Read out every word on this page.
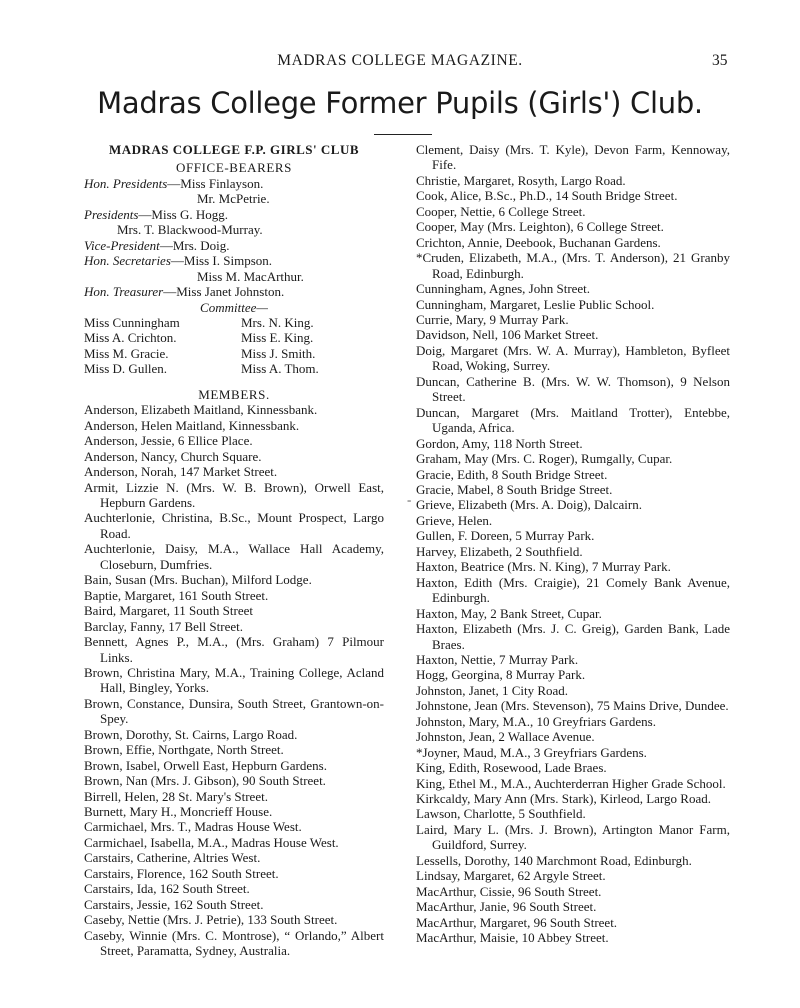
MADRAS COLLEGE MAGAZINE.	35
Madras College Former Pupils (Girls') Club.
MADRAS COLLEGE F.P. GIRLS' CLUB
OFFICE-BEARERS
Hon. Presidents—Miss Finlayson.
Mr. McPetrie.
Presidents—Miss G. Hogg.
Mrs. T. Blackwood-Murray.
Vice-President—Mrs. Doig.
Hon. Secretaries—Miss I. Simpson.
Miss M. MacArthur.
Hon. Treasurer—Miss Janet Johnston.
Committee—
Miss Cunningham	Mrs. N. King.
Miss A. Crichton.	Miss E. King.
Miss M. Gracie.	Miss J. Smith.
Miss D. Gullen.	Miss A. Thom.
MEMBERS.
Anderson, Elizabeth Maitland, Kinnessbank.
Anderson, Helen Maitland, Kinnessbank.
Anderson, Jessie, 6 Ellice Place.
Anderson, Nancy, Church Square.
Anderson, Norah, 147 Market Street.
Armit, Lizzie N. (Mrs. W. B. Brown), Orwell East, Hepburn Gardens.
Auchterlonie, Christina, B.Sc., Mount Prospect, Largo Road.
Auchterlonie, Daisy, M.A., Wallace Hall Academy, Closeburn, Dumfries.
Bain, Susan (Mrs. Buchan), Milford Lodge.
Baptie, Margaret, 161 South Street.
Baird, Margaret, 11 South Street
Barclay, Fanny, 17 Bell Street.
Bennett, Agnes P., M.A., (Mrs. Graham) 7 Pilmour Links.
Brown, Christina Mary, M.A., Training College, Acland Hall, Bingley, Yorks.
Brown, Constance, Dunsira, South Street, Grantown-on-Spey.
Brown, Dorothy, St. Cairns, Largo Road.
Brown, Effie, Northgate, North Street.
Brown, Isabel, Orwell East, Hepburn Gardens.
Brown, Nan (Mrs. J. Gibson), 90 South Street.
Birrell, Helen, 28 St. Mary's Street.
Burnett, Mary H., Moncrieff House.
Carmichael, Mrs. T., Madras House West.
Carmichael, Isabella, M.A., Madras House West.
Carstairs, Catherine, Altries West.
Carstairs, Florence, 162 South Street.
Carstairs, Ida, 162 South Street.
Carstairs, Jessie, 162 South Street.
Caseby, Nettie (Mrs. J. Petrie), 133 South Street.
Caseby, Winnie (Mrs. C. Montrose), “ Orlando,” Albert Street, Paramatta, Sydney, Australia.
-
Clement, Daisy (Mrs. T. Kyle), Devon Farm, Kennoway, Fife.
Christie, Margaret, Rosyth, Largo Road.
Cook, Alice, B.Sc., Ph.D., 14 South Bridge Street.
Cooper, Nettie, 6 College Street.
Cooper, May (Mrs. Leighton), 6 College Street.
Crichton, Annie, Deebook, Buchanan Gardens.
*Cruden, Elizabeth, M.A., (Mrs. T. Anderson), 21 Granby Road, Edinburgh.
Cunningham, Agnes, John Street.
Cunningham, Margaret, Leslie Public School.
Currie, Mary, 9 Murray Park.
Davidson, Nell, 106 Market Street.
Doig, Margaret (Mrs. W. A. Murray), Hambleton, Byfleet Road, Woking, Surrey.
Duncan, Catherine B. (Mrs. W. W. Thomson), 9 Nelson Street.
Duncan, Margaret (Mrs. Maitland Trotter), Entebbe, Uganda, Africa.
Gordon, Amy, 118 North Street.
Graham, May (Mrs. C. Roger), Rumgally, Cupar.
Gracie, Edith, 8 South Bridge Street.
Gracie, Mabel, 8 South Bridge Street.
Grieve, Elizabeth (Mrs. A. Doig), Dalcairn.
Grieve, Helen.
Gullen, F. Doreen, 5 Murray Park.
Harvey, Elizabeth, 2 Southfield.
Haxton, Beatrice (Mrs. N. King), 7 Murray Park.
Haxton, Edith (Mrs. Craigie), 21 Comely Bank Avenue, Edinburgh.
Haxton, May, 2 Bank Street, Cupar.
Haxton, Elizabeth (Mrs. J. C. Greig), Garden Bank, Lade Braes.
Haxton, Nettie, 7 Murray Park.
Hogg, Georgina, 8 Murray Park.
Johnston, Janet, 1 City Road.
Johnstone, Jean (Mrs. Stevenson), 75 Mains Drive, Dundee.
Johnston, Mary, M.A., 10 Greyfriars Gardens.
Johnston, Jean, 2 Wallace Avenue.
*Joyner, Maud, M.A., 3 Greyfriars Gardens.
King, Edith, Rosewood, Lade Braes.
King, Ethel M., M.A., Auchterderran Higher Grade School.
Kirkcaldy, Mary Ann (Mrs. Stark), Kirleod, Largo Road.
Lawson, Charlotte, 5 Southfield.
Laird, Mary L. (Mrs. J. Brown), Artington Manor Farm, Guildford, Surrey.
Lessells, Dorothy, 140 Marchmont Road, Edinburgh.
Lindsay, Margaret, 62 Argyle Street.
MacArthur, Cissie, 96 South Street.
MacArthur, Janie, 96 South Street.
MacArthur, Margaret, 96 South Street.
MacArthur, Maisie, 10 Abbey Street.
